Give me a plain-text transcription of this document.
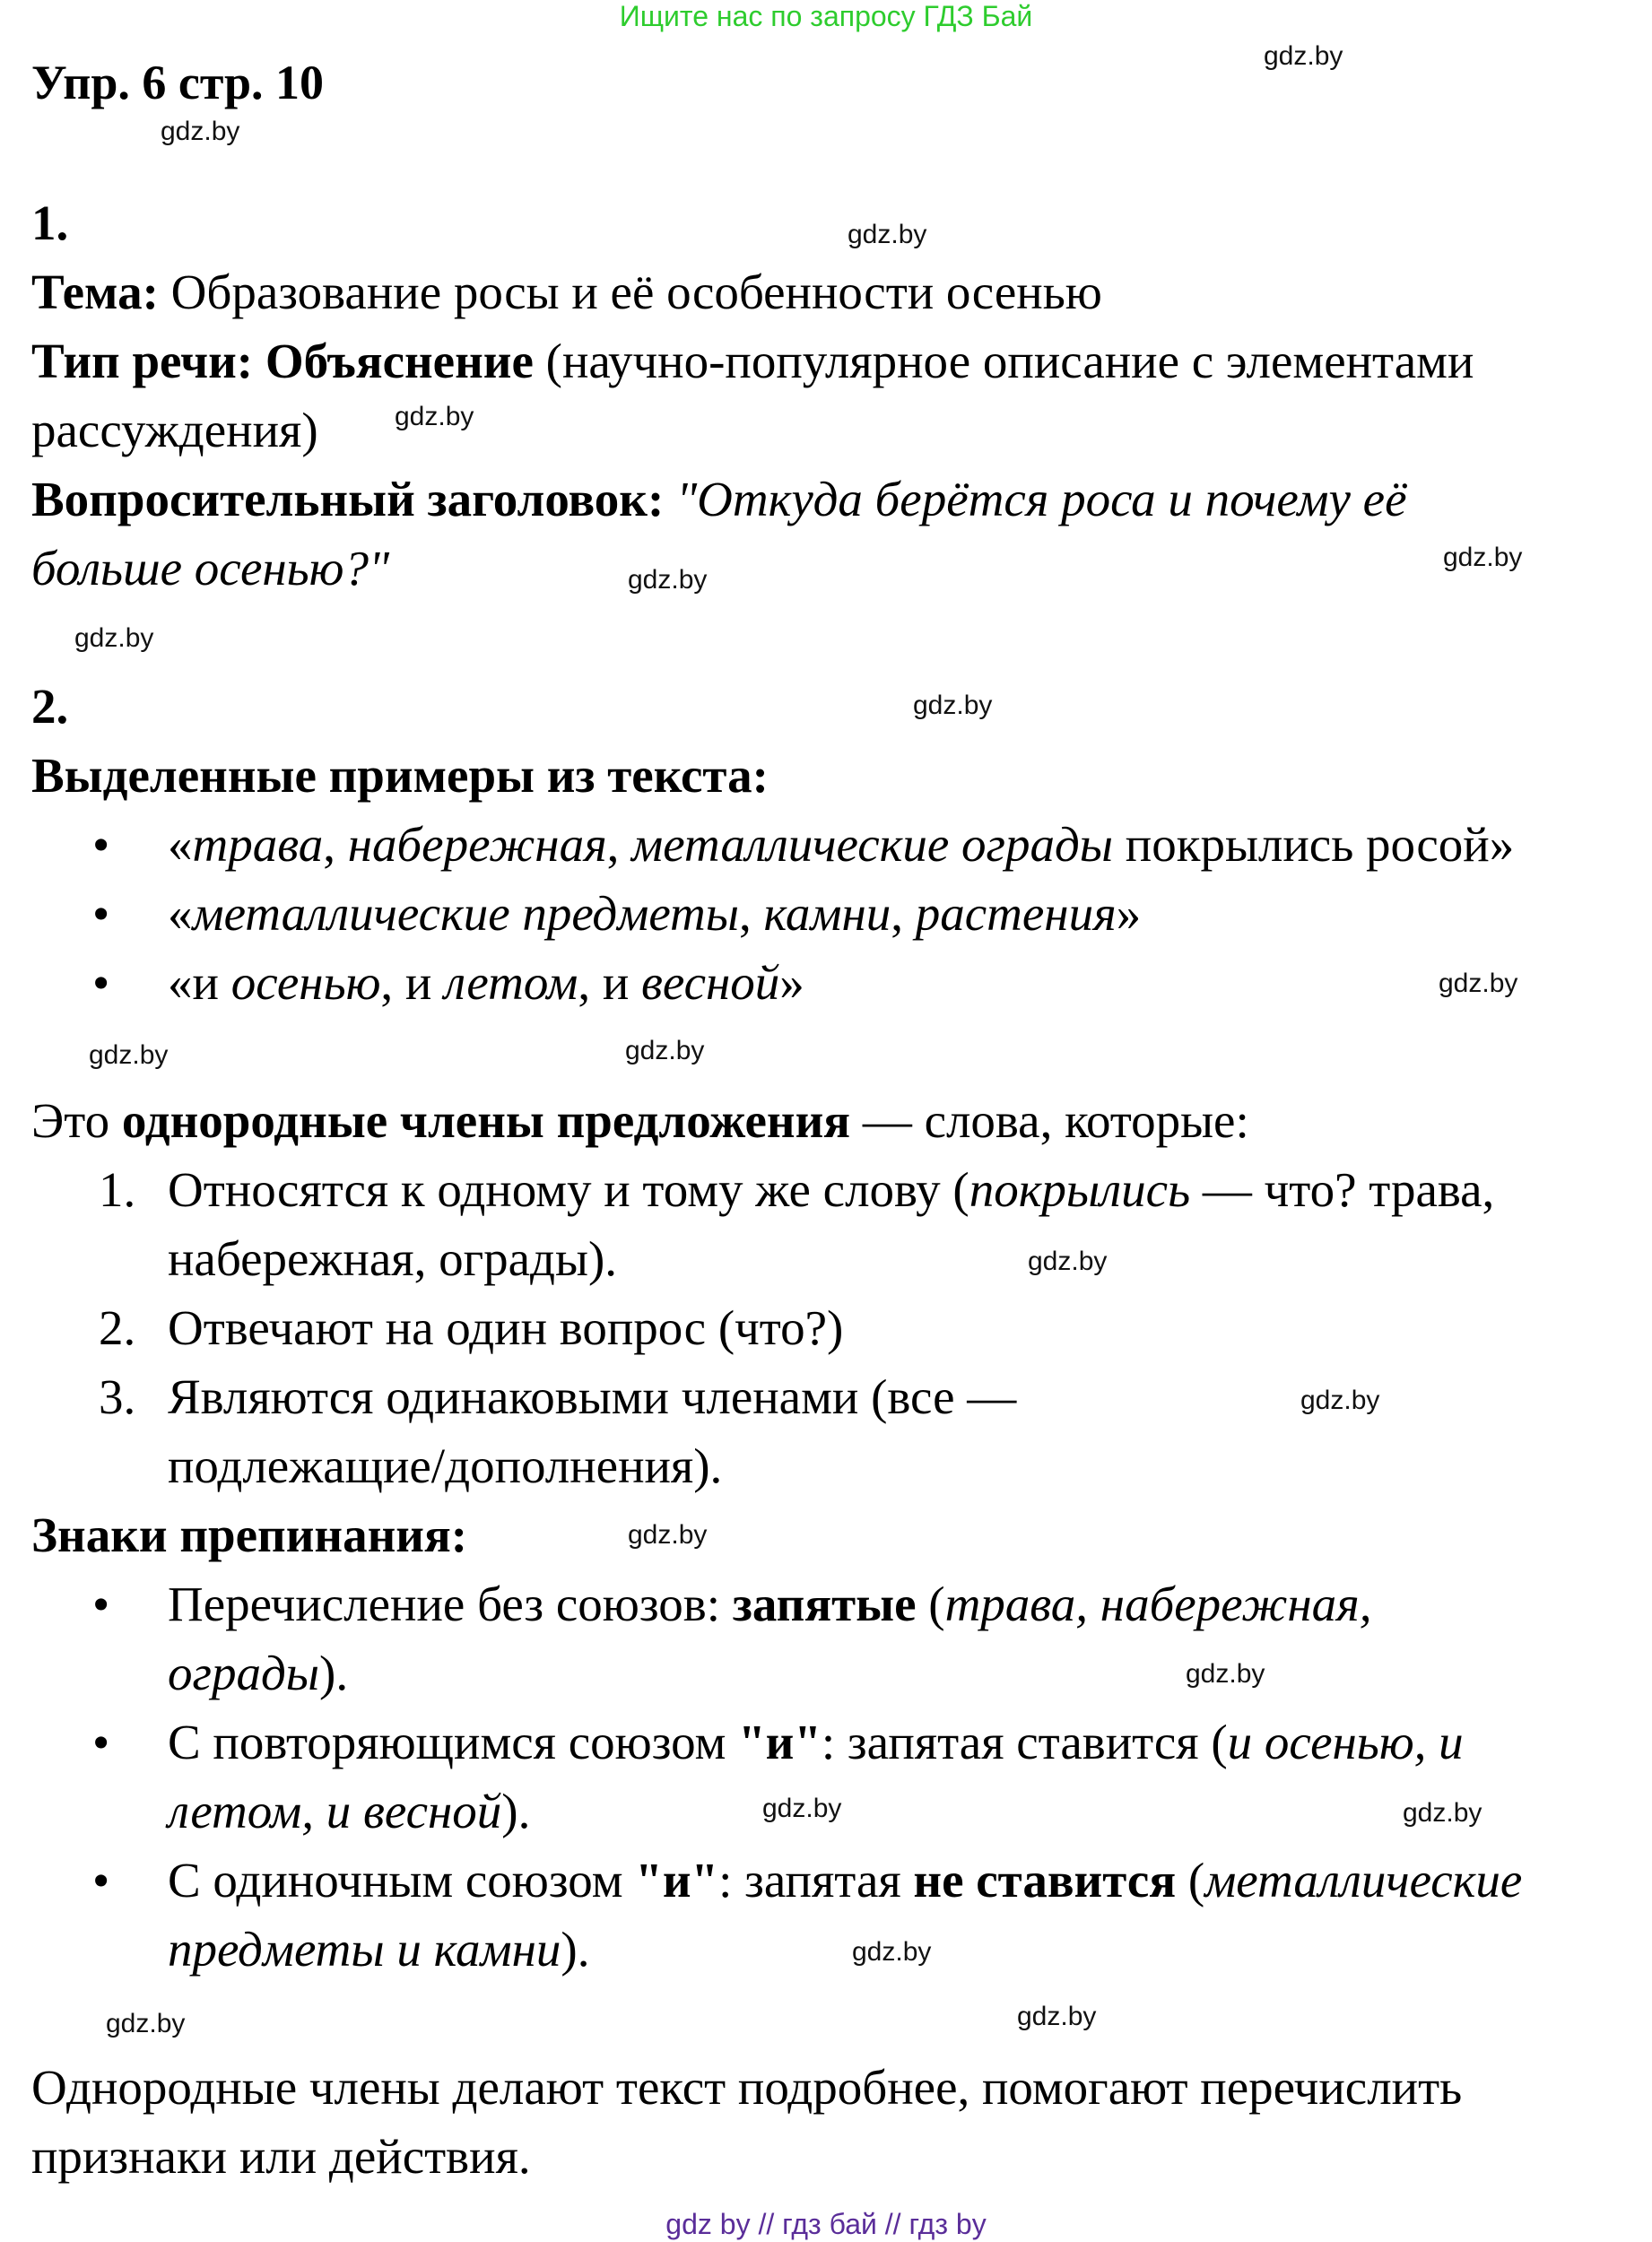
Ищите нас по запросу ГДЗ Бай
Упр. 6 стр. 10
1.
Тема: Образование росы и её особенности осенью
Тип речи: Объяснение (научно-популярное описание с элементами
рассуждения)
Вопросительный заголовок: "Откуда берётся роса и почему её
больше осенью?"
2.
Выделенные примеры из текста:
• «трава, набережная, металлические ограды покрылись росой»
• «металлические предметы, камни, растения»
• «и осенью, и летом, и весной»
Это однородные члены предложения — слова, которые:
1. Относятся к одному и тому же слову (покрылись — что? трава,
набережная, ограды).
2. Отвечают на один вопрос (что?)
3. Являются одинаковыми членами (все —
подлежащие/дополнения).
Знаки препинания:
• Перечисление без союзов: запятые (трава, набережная,
ограды).
• С повторяющимся союзом "и": запятая ставится (и осенью, и
летом, и весной).
• С одиночным союзом "и": запятая не ставится (металлические
предметы и камни).
Однородные члены делают текст подробнее, помогают перечислить
признаки или действия.
gdz.by
gdz.by
gdz.by
gdz.by
gdz.by
gdz.by
gdz.by
gdz.by
gdz.by
gdz.by
gdz.by
gdz.by
gdz.by
gdz.by
gdz.by
gdz.by	gdz.by
gdz.by
gdz.by
gdz.by
gdz by // гдз бай // гдз by
